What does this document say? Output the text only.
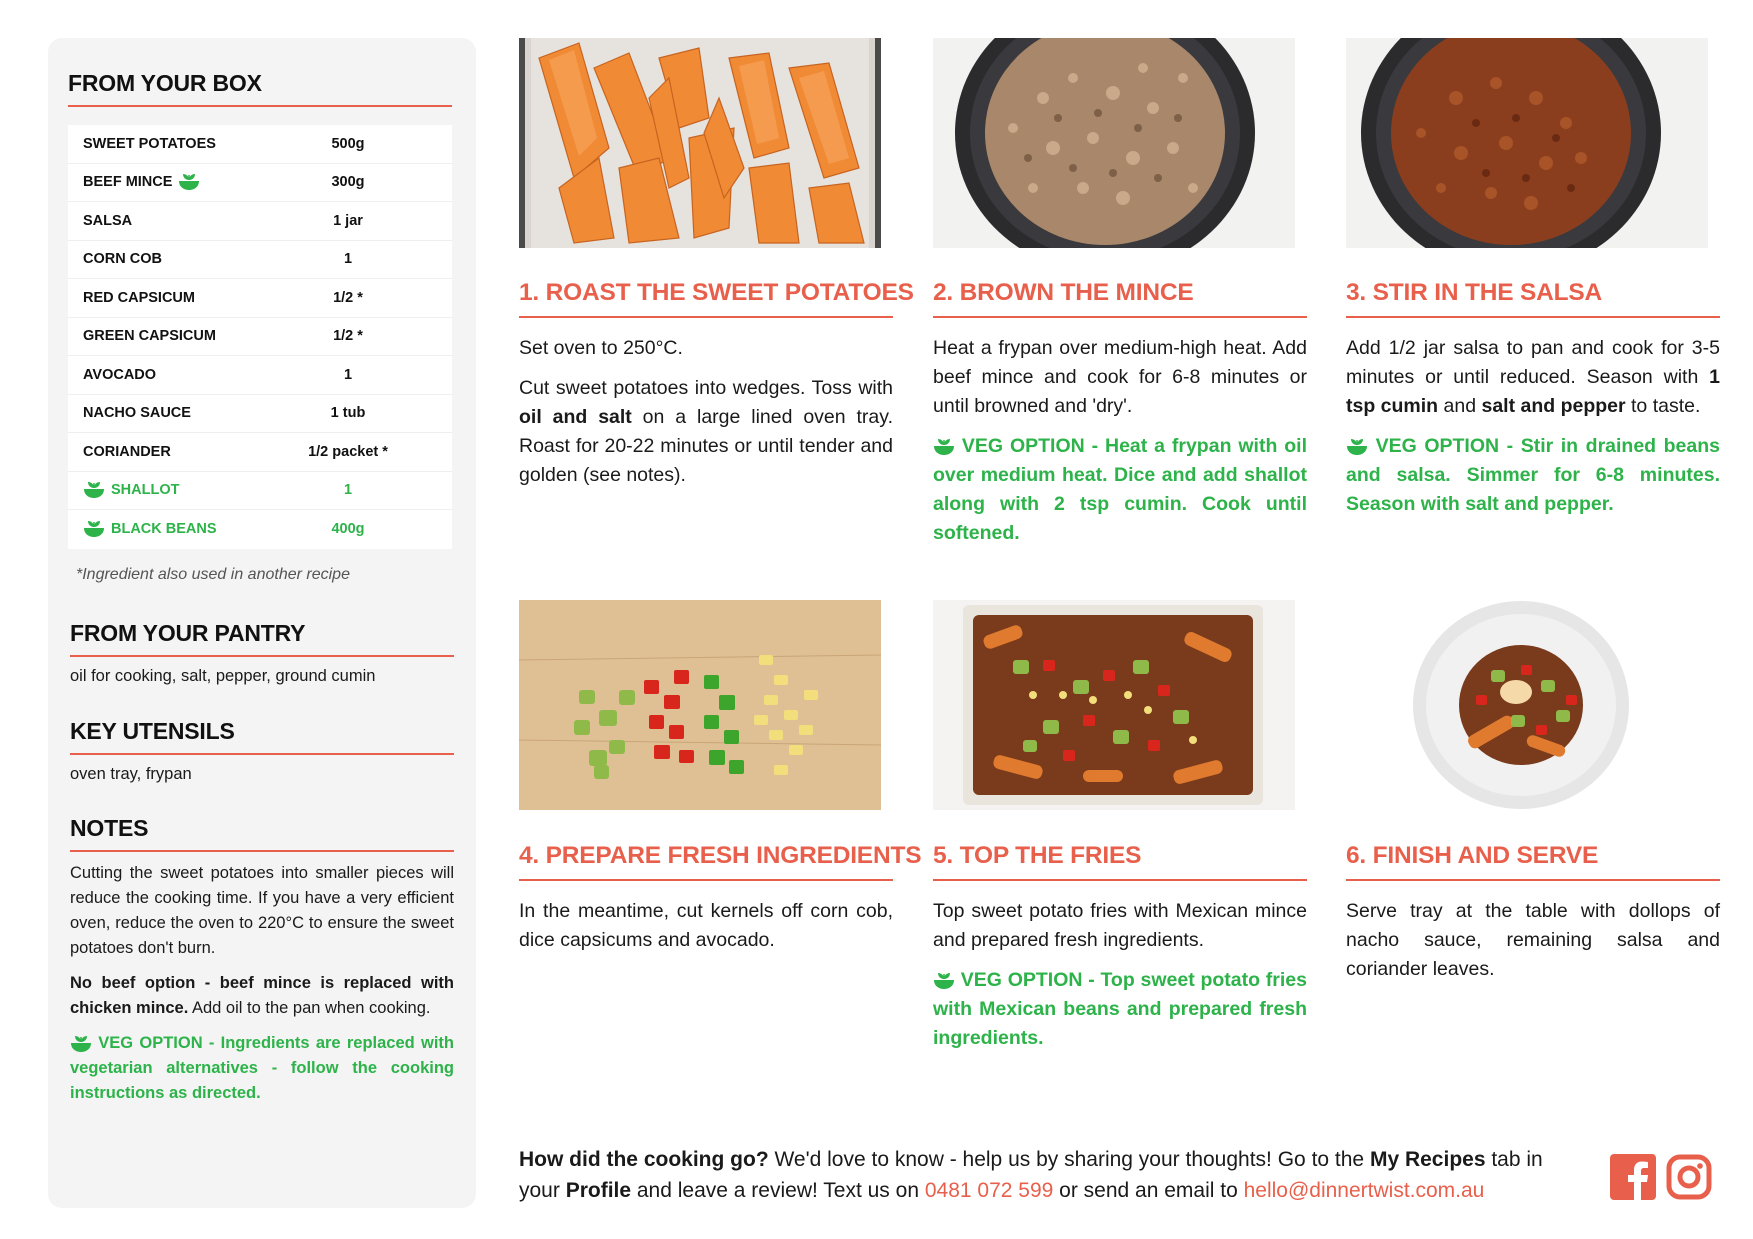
FROM YOUR BOX
SWEET POTATOES	500g
BEEF MINCE	300g
SALSA	1 jar
CORN COB	1
RED CAPSICUM	1/2 *
GREEN CAPSICUM	1/2 *
AVOCADO	1
NACHO SAUCE	1 tub
CORIANDER	1/2 packet *
SHALLOT	1
BLACK BEANS	400g
*Ingredient also used in another recipe
FROM YOUR PANTRY
oil for cooking, salt, pepper, ground cumin
KEY UTENSILS
oven tray, frypan
NOTES

Cutting the sweet potatoes into smaller pieces will reduce the cooking time. If you have a very efficient oven, reduce the oven to 220°C to ensure the sweet potatoes don't burn.

No beef option - beef mince is replaced with chicken mince. Add oil to the pan when cooking.

VEG OPTION - Ingredients are replaced with vegetarian alternatives - follow the cooking instructions as directed.

1. ROAST THE SWEET POTATOES

Set oven to 250°C.

Cut sweet potatoes into wedges. Toss with oil and salt on a large lined oven tray. Roast for 20-22 minutes or until tender and golden (see notes).

2. BROWN THE MINCE

Heat a frypan over medium-high heat. Add beef mince and cook for 6-8 minutes or until browned and 'dry'.

VEG OPTION - Heat a frypan with oil over medium heat. Dice and add shallot along with 2 tsp cumin. Cook until softened.

3. STIR IN THE SALSA

Add 1/2 jar salsa to pan and cook for 3-5 minutes or until reduced. Season with 1 tsp cumin and salt and pepper to taste.

VEG OPTION - Stir in drained beans and salsa. Simmer for 6-8 minutes. Season with salt and pepper.

4. PREPARE FRESH INGREDIENTS

In the meantime, cut kernels off corn cob, dice capsicums and avocado.

5. TOP THE FRIES

Top sweet potato fries with Mexican mince and prepared fresh ingredients.

VEG OPTION - Top sweet potato fries with Mexican beans and prepared fresh ingredients.

6. FINISH AND SERVE

Serve tray at the table with dollops of nacho sauce, remaining salsa and coriander leaves.

How did the cooking go? We'd love to know - help us by sharing your thoughts! Go to the My Recipes tab in your Profile and leave a review! Text us on 0481 072 599 or send an email to hello@dinnertwist.com.au
